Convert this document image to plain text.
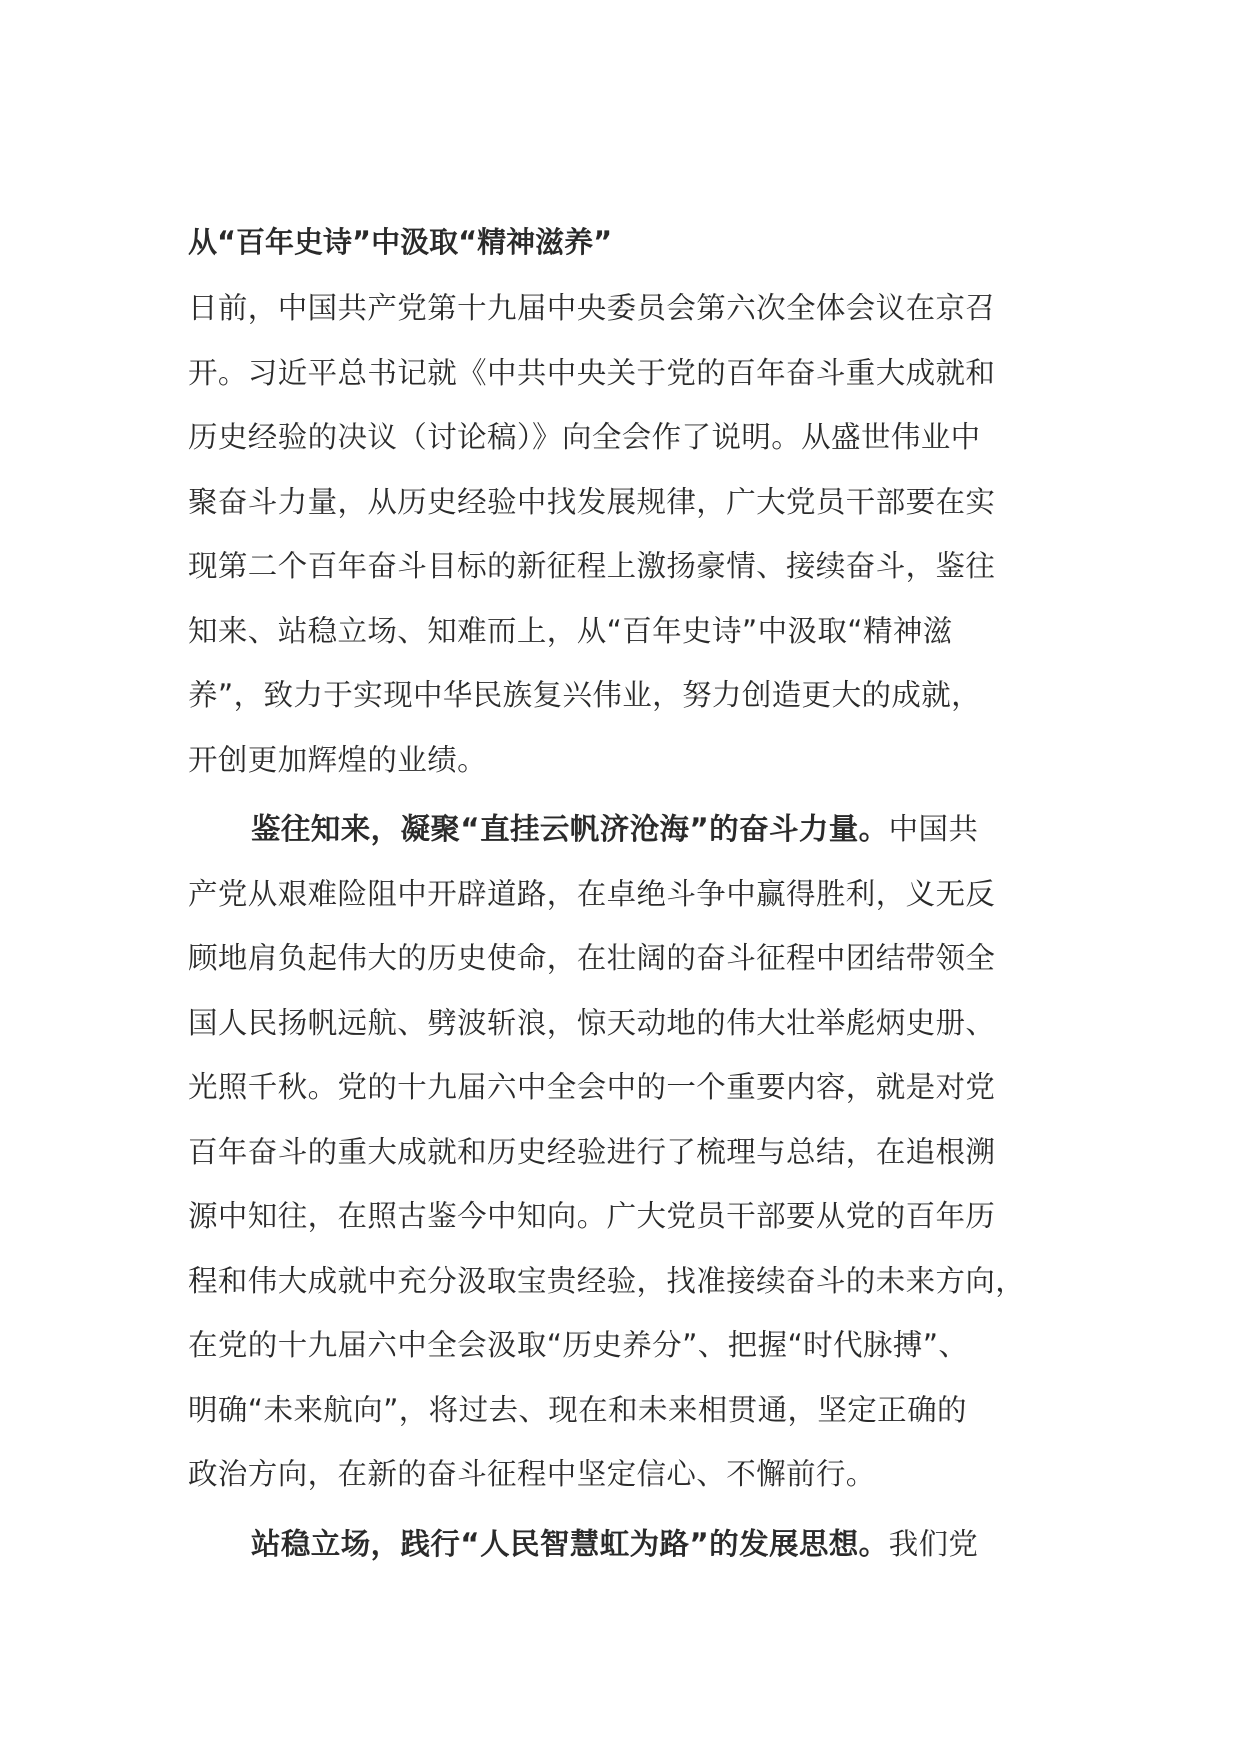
从“百年史诗”中汲取“精神滋养”
日前，中国共产党第十九届中央委员会第六次全体会议在京召
开。习近平总书记就《中共中央关于党的百年奋斗重大成就和
历史经验的决议（讨论稿）》向全会作了说明。从盛世伟业中
聚奋斗力量，从历史经验中找发展规律，广大党员干部要在实
现第二个百年奋斗目标的新征程上激扬豪情、接续奋斗，鉴往
知来、站稳立场、知难而上，从“百年史诗”中汲取“精神滋
养”，致力于实现中华民族复兴伟业，努力创造更大的成就，
开创更加辉煌的业绩。
鉴往知来，凝聚“直挂云帆济沧海”的奋斗力量。中国共
产党从艰难险阻中开辟道路，在卓绝斗争中赢得胜利，义无反
顾地肩负起伟大的历史使命，在壮阔的奋斗征程中团结带领全
国人民扬帆远航、劈波斩浪，惊天动地的伟大壮举彪炳史册、
光照千秋。党的十九届六中全会中的一个重要内容，就是对党
百年奋斗的重大成就和历史经验进行了梳理与总结，在追根溯
源中知往，在照古鉴今中知向。广大党员干部要从党的百年历
程和伟大成就中充分汲取宝贵经验，找准接续奋斗的未来方向，
在党的十九届六中全会汲取“历史养分”、把握“时代脉搏”、
明确“未来航向”，将过去、现在和未来相贯通，坚定正确的
政治方向，在新的奋斗征程中坚定信心、不懈前行。
站稳立场，践行“人民智慧虹为路”的发展思想。我们党
